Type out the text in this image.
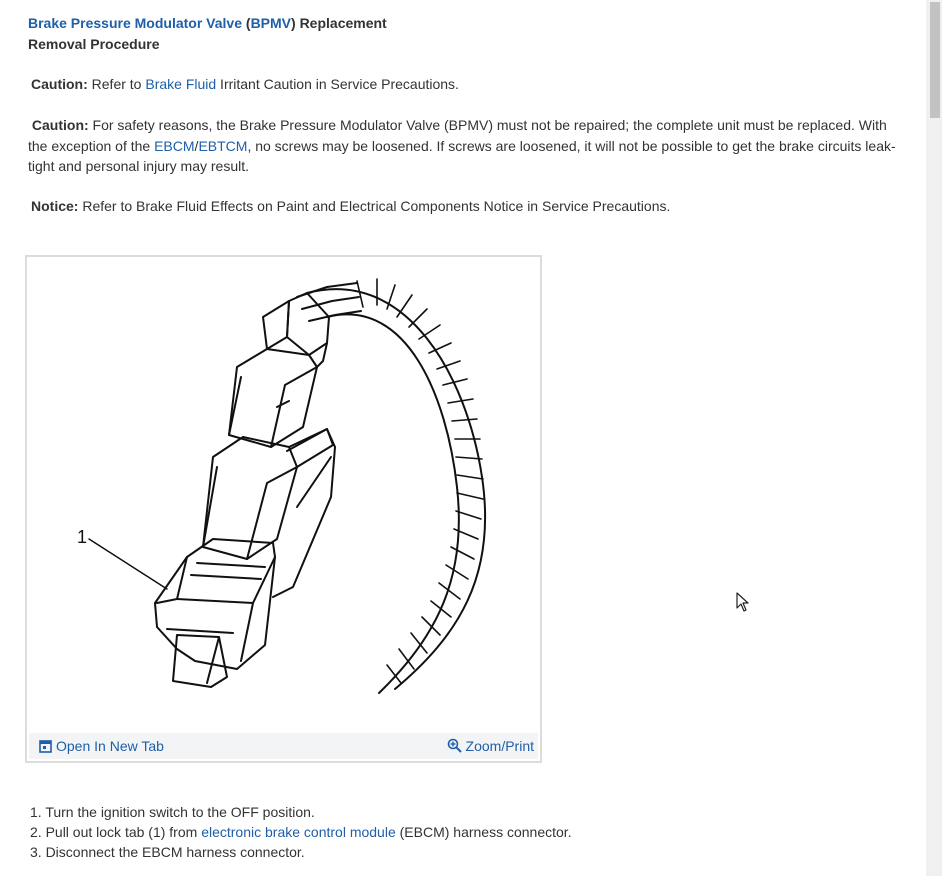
Brake Pressure Modulator Valve (BPMV) Replacement
Removal Procedure
Caution: Refer to Brake Fluid Irritant Caution in Service Precautions.
Caution: For safety reasons, the Brake Pressure Modulator Valve (BPMV) must not be repaired; the complete unit must be replaced. With the exception of the EBCM/EBTCM, no screws may be loosened. If screws are loosened, it will not be possible to get the brake circuits leak-tight and personal injury may result.
Notice: Refer to Brake Fluid Effects on Paint and Electrical Components Notice in Service Precautions.
1
Open In New Tab	Zoom/Print
1. Turn the ignition switch to the OFF position.
2. Pull out lock tab (1) from electronic brake control module (EBCM) harness connector.
3. Disconnect the EBCM harness connector.
